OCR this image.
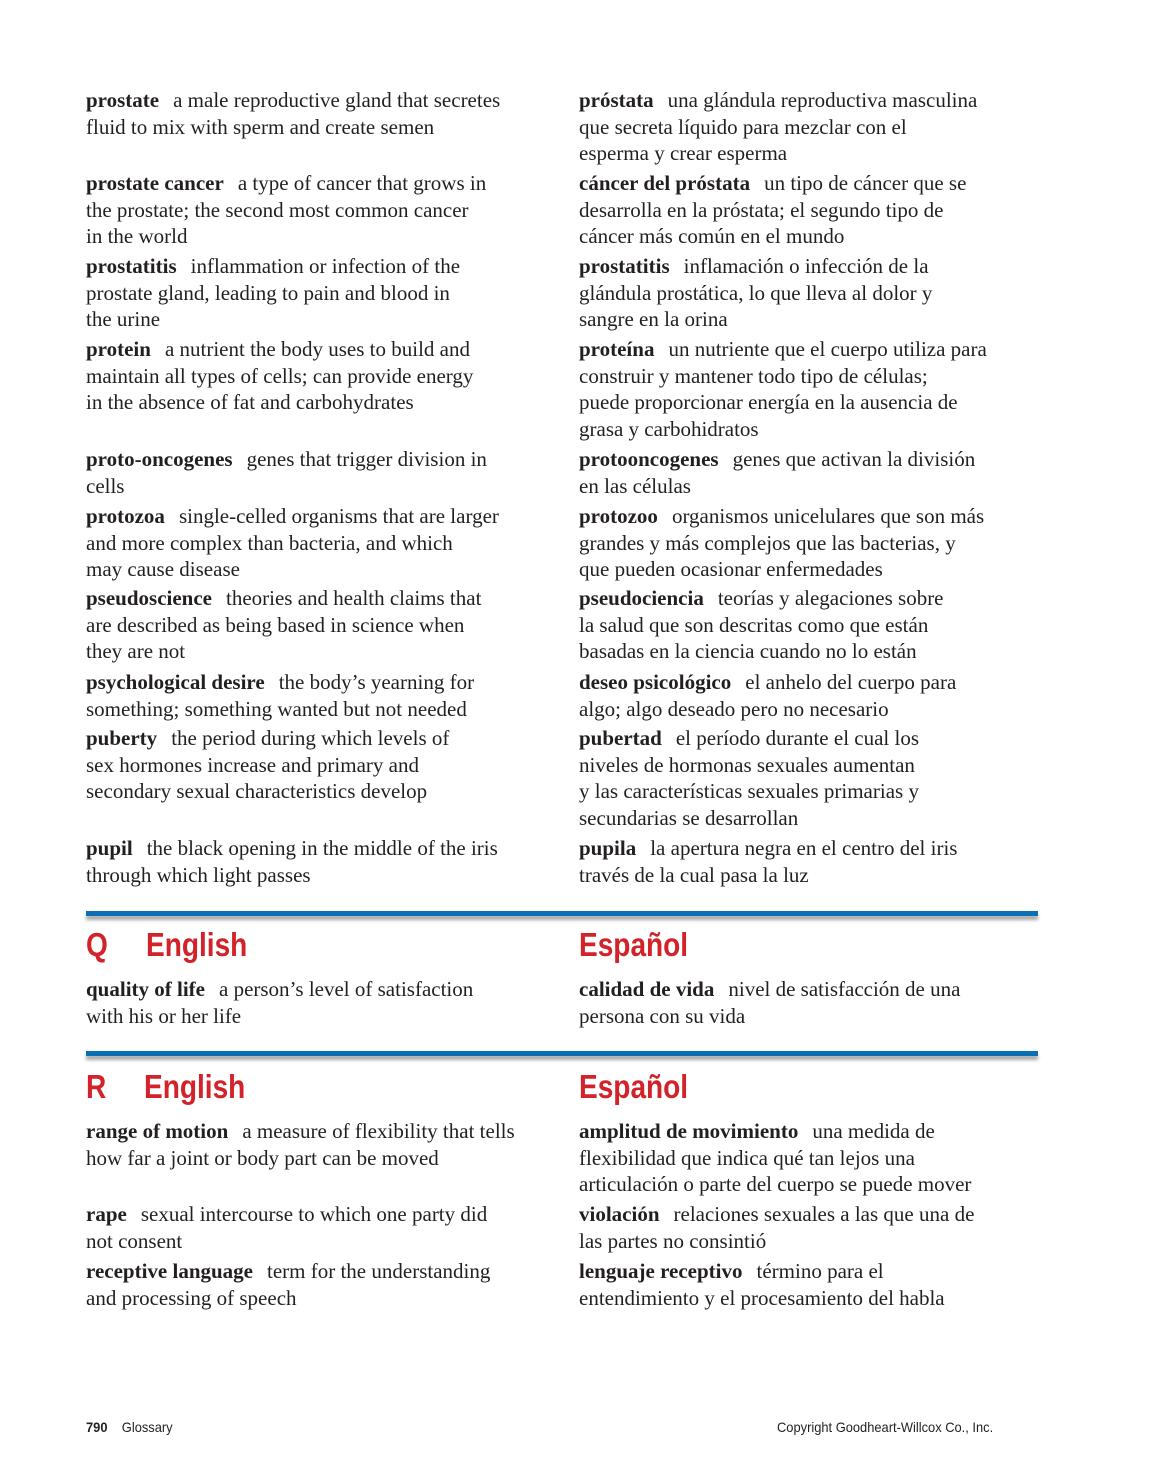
prostate a male reproductive gland that secretes
fluid to mix with sperm and create semen
prostate cancer a type of cancer that grows in
the prostate; the second most common cancer
in the world
prostatitis inflammation or infection of the
prostate gland, leading to pain and blood in
the urine
protein a nutrient the body uses to build and
maintain all types of cells; can provide energy
in the absence of fat and carbohydrates
proto-oncogenes genes that trigger division in
cells
protozoa single-celled organisms that are larger
and more complex than bacteria, and which
may cause disease
pseudoscience theories and health claims that
are described as being based in science when
they are not
psychological desire the body’s yearning for
something; something wanted but not needed
puberty the period during which levels of
sex hormones increase and primary and
secondary sexual characteristics develop
pupil the black opening in the middle of the iris
through which light passes
próstata una glándula reproductiva masculina
que secreta líquido para mezclar con el
esperma y crear esperma
cáncer del próstata un tipo de cáncer que se
desarrolla en la próstata; el segundo tipo de
cáncer más común en el mundo
prostatitis inflamación o infección de la
glándula prostática, lo que lleva al dolor y
sangre en la orina
proteína un nutriente que el cuerpo utiliza para
construir y mantener todo tipo de células;
puede proporcionar energía en la ausencia de
grasa y carbohidratos
protooncogenes genes que activan la división
en las células
protozoo organismos unicelulares que son más
grandes y más complejos que las bacterias, y
que pueden ocasionar enfermedades
pseudociencia teorías y alegaciones sobre
la salud que son descritas como que están
basadas en la ciencia cuando no lo están
deseo psicológico el anhelo del cuerpo para
algo; algo deseado pero no necesario
pubertad el período durante el cual los
niveles de hormonas sexuales aumentan
y las características sexuales primarias y
secundarias se desarrollan
pupila la apertura negra en el centro del iris
través de la cual pasa la luz
quality of life a person’s level of satisfaction
with his or her life
calidad de vida nivel de satisfacción de una
persona con su vida
range of motion a measure of flexibility that tells
how far a joint or body part can be moved
rape sexual intercourse to which one party did
not consent
receptive language term for the understanding
and processing of speech
amplitud de movimiento una medida de
flexibilidad que indica qué tan lejos una
articulación o parte del cuerpo se puede mover
violación relaciones sexuales a las que una de
las partes no consintió
lenguaje receptivo término para el
entendimiento y el procesamiento del habla
Q English	Español
R English	Español
790 Glossary	Copyright Goodheart-Willcox Co., Inc.
